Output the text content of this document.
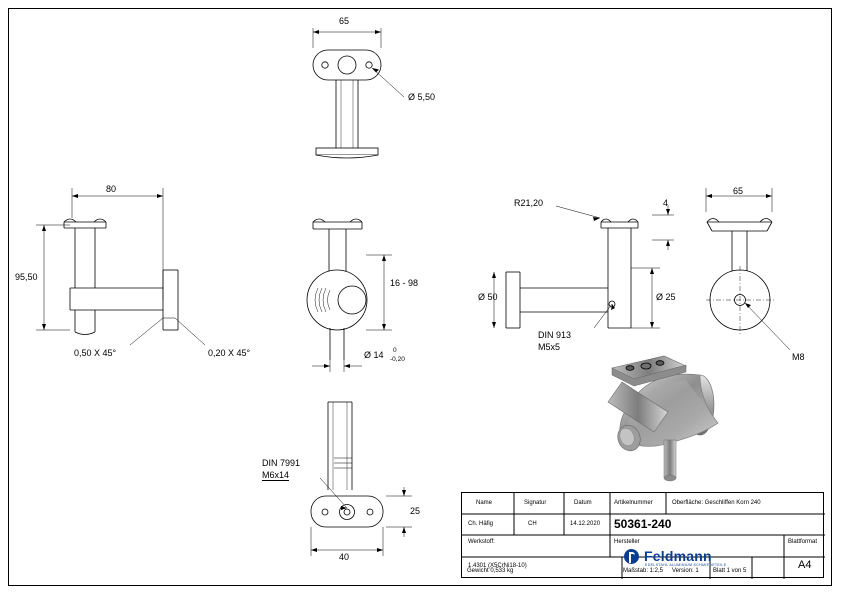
65
Ø 5,50
80
95,50
0,50 X 45°	0,20 X 45°
16 - 98
Ø 14 0
-0,20
R21,20	4
Ø 50	Ø 25
DIN 913
M5x5
65
M8
DIN 7991
M6x14
25
40
Name	Signatur	Datum	Artikelnummer	Oberfläche: Geschliffen Korn 240
Ch. Häfig	CH	14.12.2020 50361-240
Werkstoff:
1.4301 (X5CrNi18-10)
Hersteller	Blattformat
A4
Feldmann
EDELSTAHL ALUMINIUM SCHMIEDETEILE
Gewicht 0,533 kg	Maßstab: 1:2,5 Version: 1 Blatt 1 von 5
